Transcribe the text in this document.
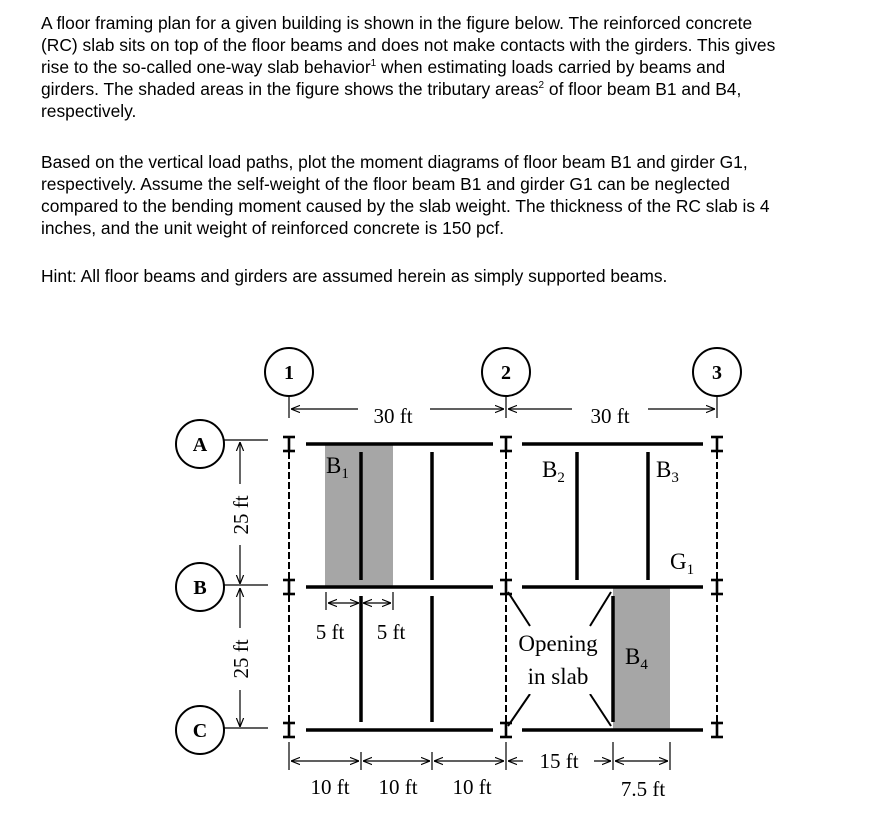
A floor framing plan for a given building is shown in the figure below. The reinforced concrete

(RC) slab sits on top of the floor beams and does not make contacts with the girders. This gives

rise to the so-called one-way slab behavior$^1$ when estimating loads carried by beams and

girders. The shaded areas in the figure shows the tributary areas$^2$ of floor beam B1 and B4,

respectively.

Based on the vertical load paths, plot the moment diagrams of floor beam B1 and girder G1,

respectively. Assume the self-weight of the floor beam B1 and girder G1 can be neglected

compared to the bending moment caused by the slab weight. The thickness of the RC slab is 4

inches, and the unit weight of reinforced concrete is 150 pcf.

Hint: All floor beams and girders are assumed herein as simply supported beams.

1	2	3
A
B
C
30 ft	30 ft
25 ft
25 ft	Opening
in slab
$B_1$	$B_2$	$B_3$
$B_4$
$G_1$
5 ft 5 ft
15 ft
10 ft 10 ft 10 ft	7.5 ft
